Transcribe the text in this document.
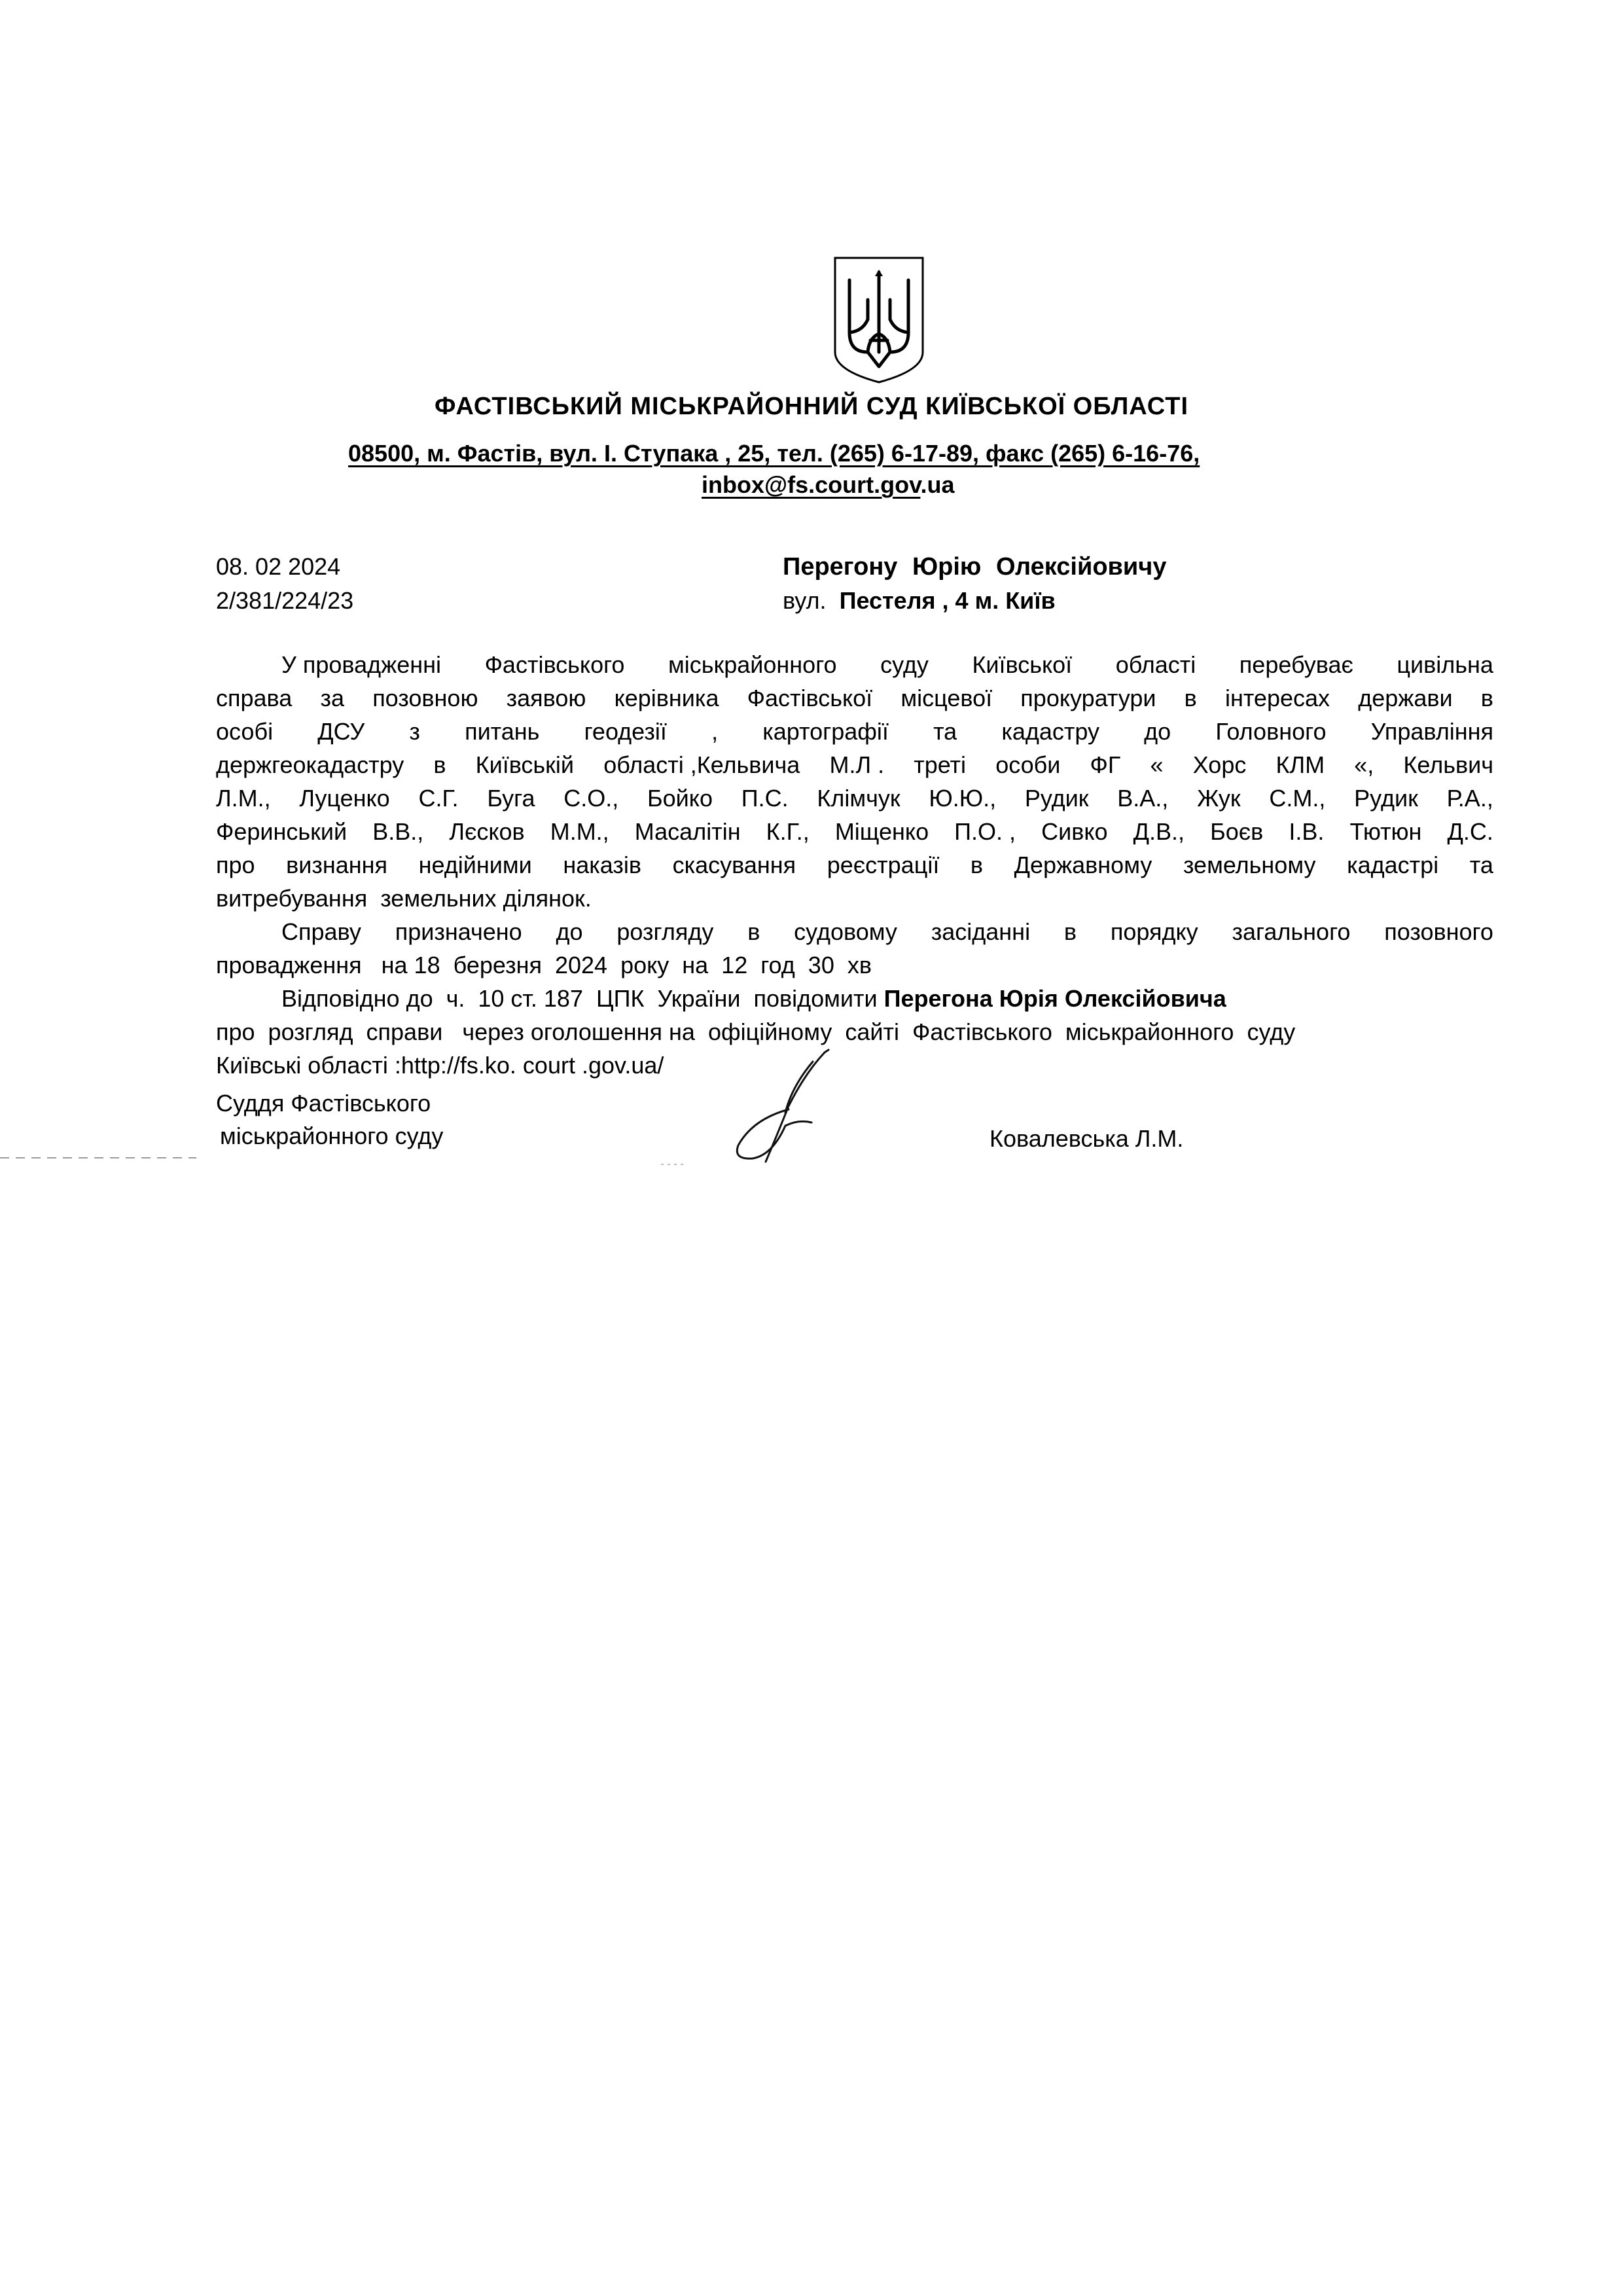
ФАСТІВСЬКИЙ МІСЬКРАЙОННИЙ СУД КИЇВСЬКОЇ ОБЛАСТІ
08500, м. Фастів, вул. І. Ступака , 25, тел. (265) 6-17-89, факс (265) 6-16-76,
inbox@fs.court.gov.ua
08. 02 2024
2/381/224/23
Перегону Юрію Олексійовичу
вул. Пестеля , 4 м. Київ
У провадженні Фастівського міськрайонного суду Київської області перебуває цивільна
справа за позовною заявою керівника Фастівської місцевої прокуратури в інтересах держави в
особі ДСУ з питань геодезії , картографії та кадастру до Головного Управління
держгеокадастру в Київській області ,Кельвича М.Л . треті особи ФГ « Хорс КЛМ «, Кельвич
Л.М., Луценко С.Г. Буга С.О., Бойко П.С. Клімчук Ю.Ю., Рудик В.А., Жук С.М., Рудик Р.А.,
Феринський В.В., Лєсков М.М., Масалітін К.Г., Міщенко П.О. , Сивко Д.В., Боєв І.В. Тютюн Д.С.
про визнання недійними наказів скасування реєстрації в Державному земельному кадастрі та
витребування  земельних ділянок.
Справу призначено до розгляду в судовому засіданні в порядку загального позовного
провадження   на 18  березня  2024  року  на  12  год  30  хв
Відповідно до  ч.  10 ст. 187  ЦПК  України  повідомити Перегона Юрія Олексійовича
про  розгляд  справи   через оголошення на  офіційному  сайті  Фастівського  міськрайонного  суду
Київські області :http://fs.ko. court .gov.ua/
Суддя Фастівського
міськрайонного суду	Ковалевська Л.М.
